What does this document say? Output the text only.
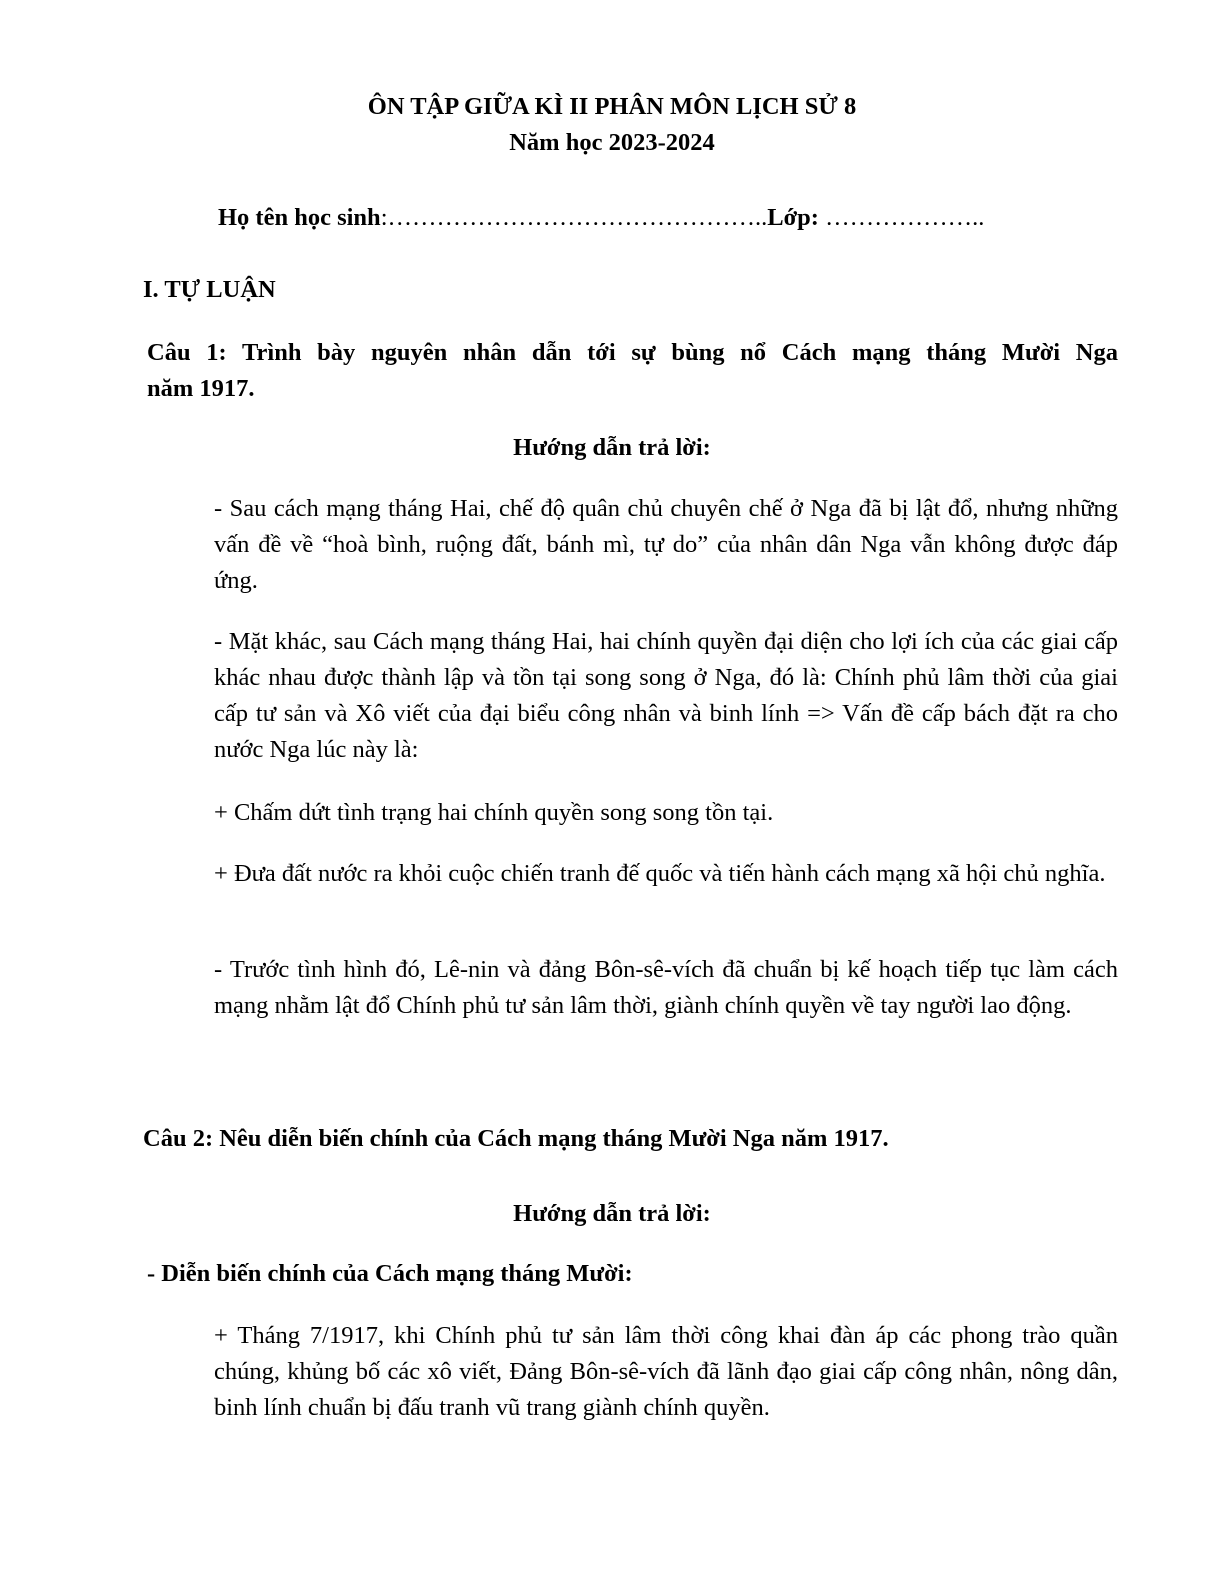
ÔN TẬP GIỮA KÌ II PHÂN MÔN LỊCH SỬ 8
Năm học 2023-2024
Họ tên học sinh:………………………………………..Lớp: ………………..
I. TỰ LUẬN
Câu 1: Trình bày nguyên nhân dẫn tới sự bùng nổ Cách mạng tháng Mười Nga
năm 1917.
Hướng dẫn trả lời:
- Sau cách mạng tháng Hai, chế độ quân chủ chuyên chế ở Nga đã bị lật đổ, nhưng những vấn đề về “hoà bình, ruộng đất, bánh mì, tự do” của nhân dân Nga vẫn không được đáp ứng.
- Mặt khác, sau Cách mạng tháng Hai, hai chính quyền đại diện cho lợi ích của các giai cấp khác nhau được thành lập và tồn tại song song ở Nga, đó là: Chính phủ lâm thời của giai cấp tư sản và Xô viết của đại biểu công nhân và binh lính => Vấn đề cấp bách đặt ra cho nước Nga lúc này là:
+ Chấm dứt tình trạng hai chính quyền song song tồn tại.
+ Đưa đất nước ra khỏi cuộc chiến tranh đế quốc và tiến hành cách mạng xã hội chủ nghĩa.
- Trước tình hình đó, Lê-nin và đảng Bôn-sê-vích đã chuẩn bị kế hoạch tiếp tục làm cách mạng nhằm lật đổ Chính phủ tư sản lâm thời, giành chính quyền về tay người lao động.
Câu 2: Nêu diễn biến chính của Cách mạng tháng Mười Nga năm 1917.
Hướng dẫn trả lời:
- Diễn biến chính của Cách mạng tháng Mười:
+ Tháng 7/1917, khi Chính phủ tư sản lâm thời công khai đàn áp các phong trào quần chúng, khủng bố các xô viết, Đảng Bôn-sê-vích đã lãnh đạo giai cấp công nhân, nông dân, binh lính chuẩn bị đấu tranh vũ trang giành chính quyền.
